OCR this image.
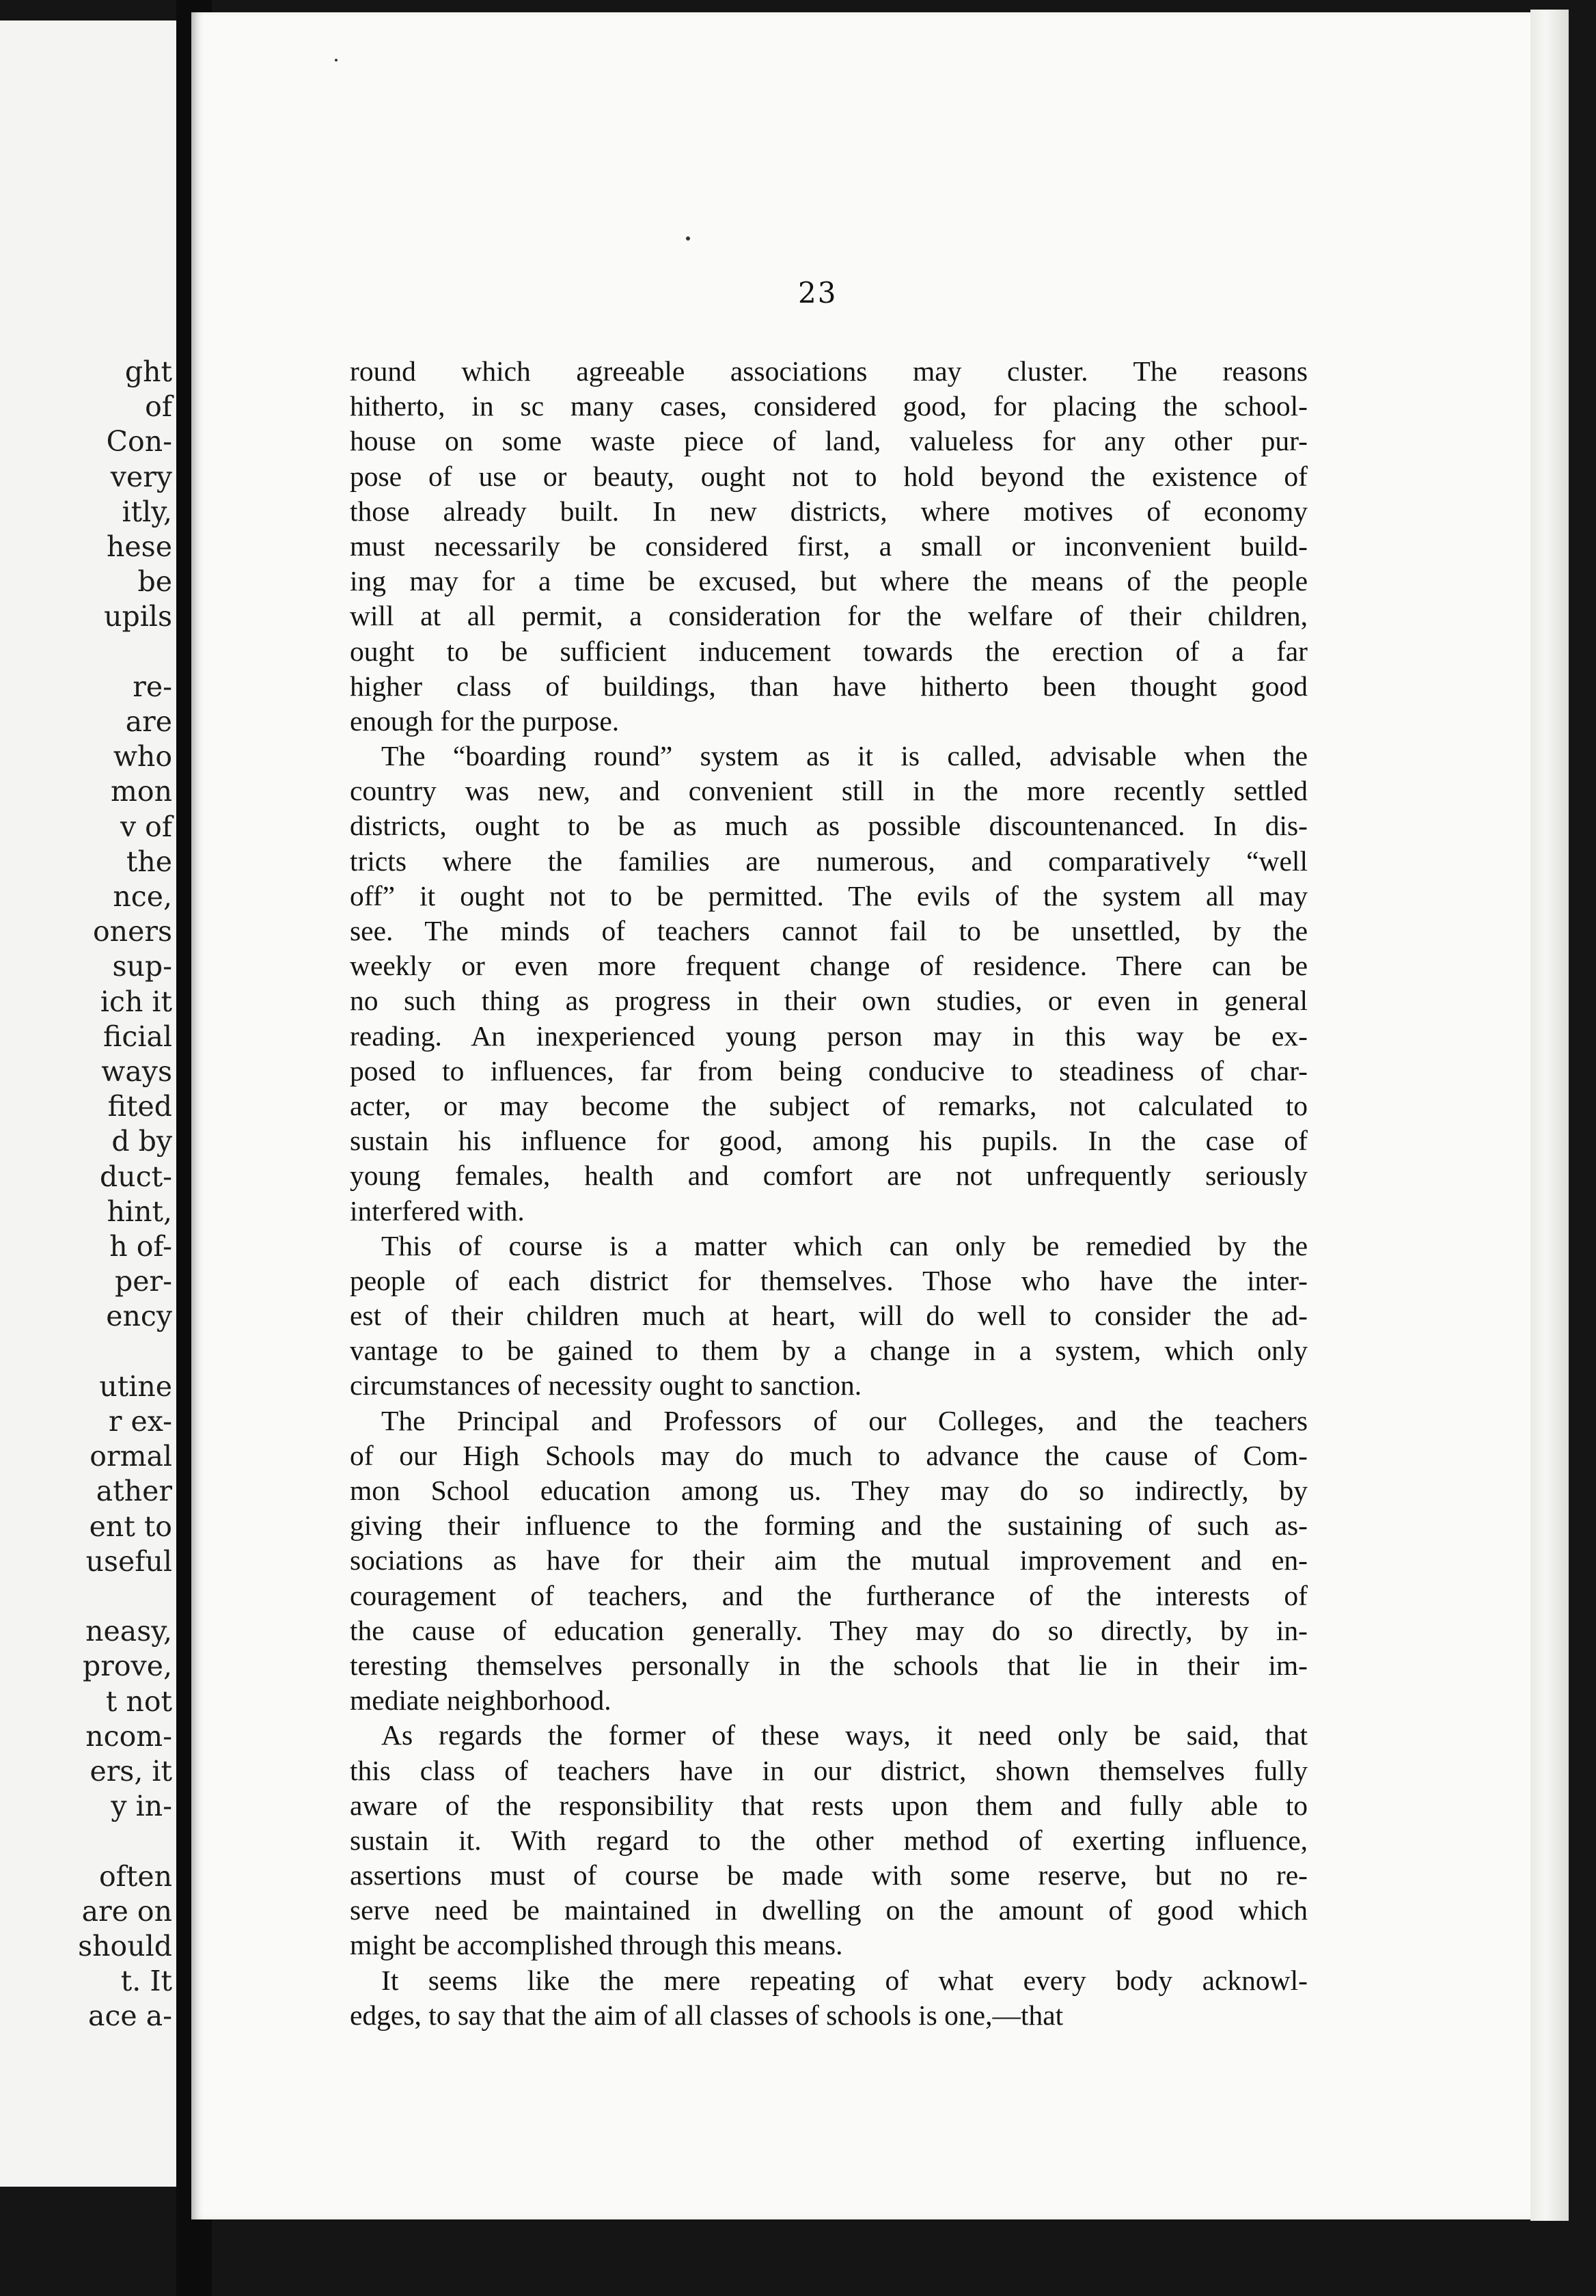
ght
of
Con-
very
itly,
hese
be
upils
re-
are
who
mon
v of
the
nce,
oners
sup-
ich it
ficial
ways
fited
d by
duct-
hint,
h of-
per-
ency
utine
r ex-
ormal
ather
ent to
useful
neasy,
prove,
t not
ncom-
ers, it
y in-
often
are on
should
t. It
ace a-
23
round which agreeable associations may cluster. The reasons
hitherto, in sc many cases, considered good, for placing the school-
house on some waste piece of land, valueless for any other pur-
pose of use or beauty, ought not to hold beyond the existence of
those already built. In new districts, where motives of economy
must necessarily be considered first, a small or inconvenient build-
ing may for a time be excused, but where the means of the people
will at all permit, a consideration for the welfare of their children,
ought to be sufficient inducement towards the erection of a far
higher class of buildings, than have hitherto been thought good
enough for the purpose.
The “boarding round” system as it is called, advisable when the
country was new, and convenient still in the more recently settled
districts, ought to be as much as possible discountenanced. In dis-
tricts where the families are numerous, and comparatively “well
off” it ought not to be permitted. The evils of the system all may
see. The minds of teachers cannot fail to be unsettled, by the
weekly or even more frequent change of residence. There can be
no such thing as progress in their own studies, or even in general
reading. An inexperienced young person may in this way be ex-
posed to influences, far from being conducive to steadiness of char-
acter, or may become the subject of remarks, not calculated to
sustain his influence for good, among his pupils. In the case of
young females, health and comfort are not unfrequently seriously
interfered with.
This of course is a matter which can only be remedied by the
people of each district for themselves. Those who have the inter-
est of their children much at heart, will do well to consider the ad-
vantage to be gained to them by a change in a system, which only
circumstances of necessity ought to sanction.
The Principal and Professors of our Colleges, and the teachers
of our High Schools may do much to advance the cause of Com-
mon School education among us. They may do so indirectly, by
giving their influence to the forming and the sustaining of such as-
sociations as have for their aim the mutual improvement and en-
couragement of teachers, and the furtherance of the interests of
the cause of education generally. They may do so directly, by in-
teresting themselves personally in the schools that lie in their im-
mediate neighborhood.
As regards the former of these ways, it need only be said, that
this class of teachers have in our district, shown themselves fully
aware of the responsibility that rests upon them and fully able to
sustain it. With regard to the other method of exerting influence,
assertions must of course be made with some reserve, but no re-
serve need be maintained in dwelling on the amount of good which
might be accomplished through this means.
It seems like the mere repeating of what every body acknowl-
edges, to say that the aim of all classes of schools is one,—that
